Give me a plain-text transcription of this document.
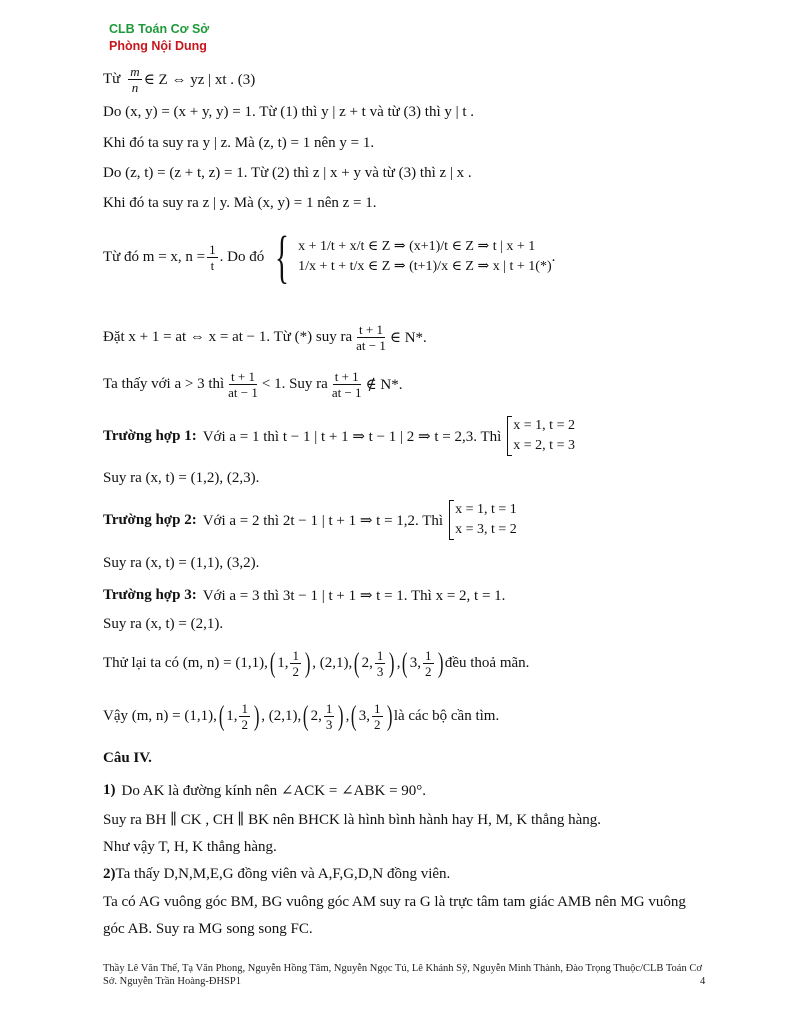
CLB Toán Cơ Sở
Phòng Nội Dung
Từ $\frac{m}{n}$ ∈ Z ⇔ yz | xt . (3)
Do (x, y) = (x + y, y) = 1. Từ (1) thì y | z + t và từ (3) thì y | t .
Khi đó ta suy ra y | z. Mà (z, t) = 1 nên y = 1.
Do (z, t) = (z + t, z) = 1. Từ (2) thì z | x + y và từ (3) thì z | x .
Khi đó ta suy ra z | y. Mà (x, y) = 1 nên z = 1.
Từ đó m = x, $n = \frac{1}{t}$ . Do đó { x + 1/t + x/t ∈ Z ⇒ (x+1)/t ∈ Z ⇒ t | x + 1
1/x + t + t/x ∈ Z ⇒ (t+1)/x ∈ Z ⇒ x | t + 1(*)
.
Đặt x + 1 = at ⇔ x = at − 1. Từ (*) suy ra $\frac{t + 1}{at - 1}$ ∈ N*.
Ta thấy với a > 3 thì $\frac{t + 1}{at - 1} < 1$. Suy ra $\frac{t + 1}{at - 1}$ ∉ N*.
Trường hợp 1: Với a = 1 thì t − 1 | t + 1 ⇒ t − 1 | 2 ⇒ t = 2,3. Thì
x = 1, t = 2
x = 2, t = 3
Suy ra (x, t) = (1,2), (2,3).
Trường hợp 2: Với a = 2 thì 2t − 1 | t + 1 ⇒ t = 1,2. Thì
x = 1, t = 1
x = 3, t = 2
Suy ra (x, t) = (1,1), (3,2).
Trường hợp 3: Với a = 3 thì 3t − 1 | t + 1 ⇒ t = 1. Thì x = 2, t = 1.
Suy ra (x, t) = (2,1).
Thử lại ta có (m, n) = (1,1), ( 1, $\frac{1}{2}$ ) , (2,1), ( 2, $\frac{1}{3}$ ) , ( 3, $\frac{1}{2}$ ) đều thoả mãn.
Vậy (m, n) = (1,1), ( 1, $\frac{1}{2}$ ) , (2,1), ( 2, $\frac{1}{3}$ ) , ( 3, $\frac{1}{2}$ ) là các bộ cần tìm.
Câu IV.
1) Do AK là đường kính nên ∠ACK = ∠ABK = 90°.
Suy ra BH ∥ CK , CH ∥ BK nên BHCK là hình bình hành hay H, M, K thẳng hàng.
Như vậy T, H, K thẳng hàng.
2) Ta thấy D,N,M,E,G đồng viên và A,F,G,D,N đồng viên.
Ta có AG vuông góc BM, BG vuông góc AM suy ra G là trực tâm tam giác AMB nên MG vuông
góc AB. Suy ra MG song song FC.
Thầy Lê Văn Thế, Tạ Văn Phong, Nguyễn Hồng Tâm, Nguyễn Ngọc Tú, Lê Khánh Sỹ, Nguyễn Minh Thành, Đào Trọng Thuộc/CLB Toán Cơ Sở. Nguyễn Trần Hoàng-ĐHSP1	4
